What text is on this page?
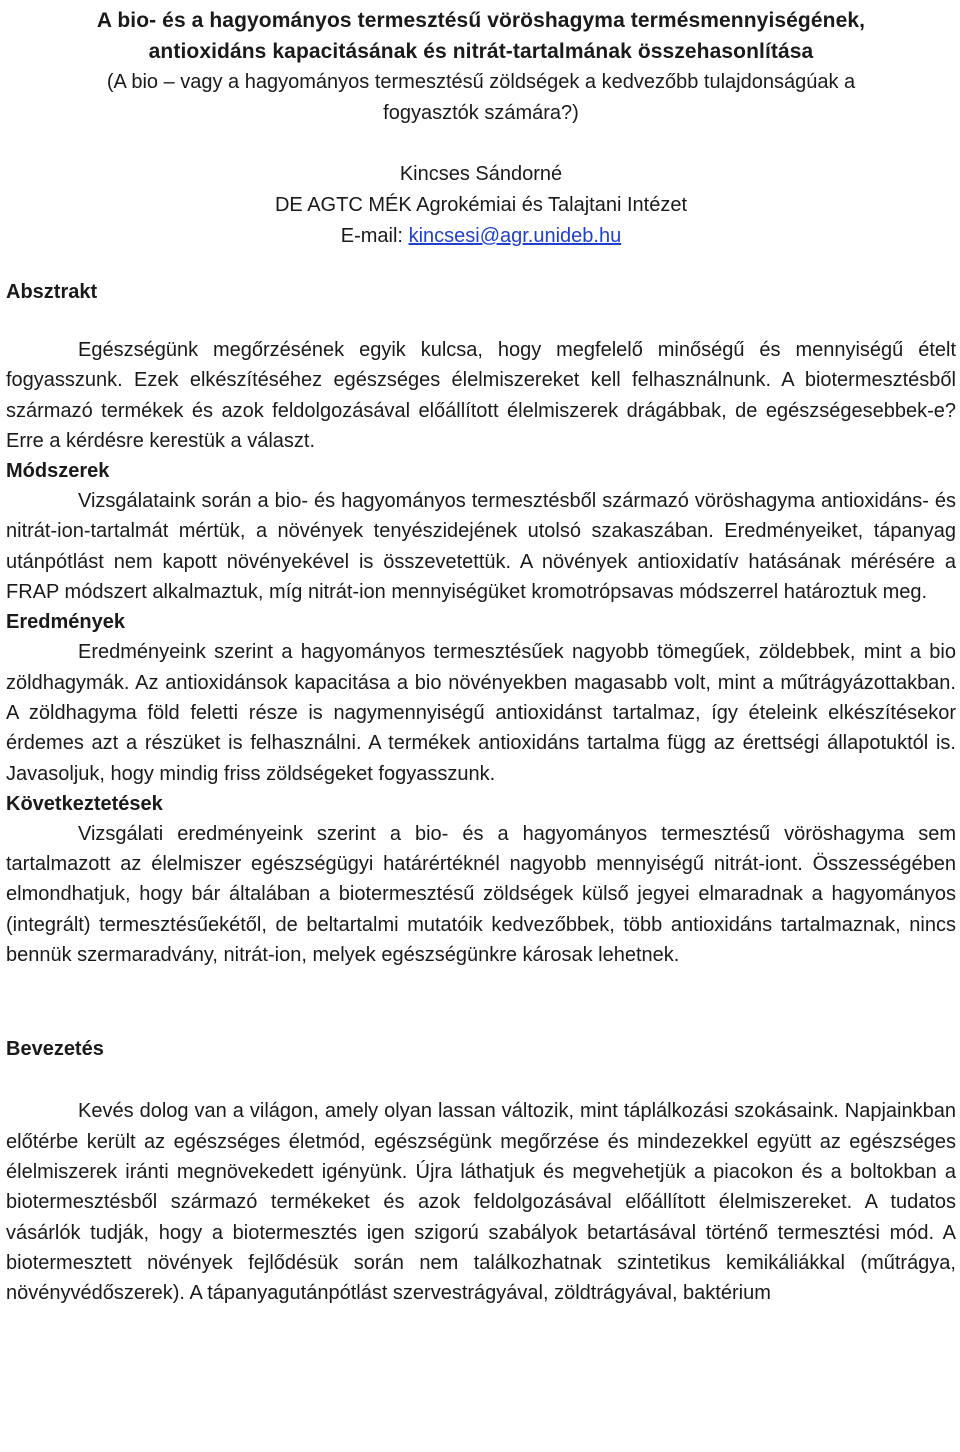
A bio- és a hagyományos termesztésű vöröshagyma termésmennyiségének,
antioxidáns kapacitásának és nitrát-tartalmának összehasonlítása
(A bio – vagy a hagyományos termesztésű zöldségek a kedvezőbb tulajdonságúak a
fogyasztók számára?)
Kincses Sándorné
DE AGTC MÉK Agrokémiai és Talajtani Intézet
E-mail: kincsesi@agr.unideb.hu
Absztrakt

Egészségünk megőrzésének egyik kulcsa, hogy megfelelő minőségű és mennyiségű ételt fogyasszunk. Ezek elkészítéséhez egészséges élelmiszereket kell felhasználnunk. A biotermesztésből származó termékek és azok feldolgozásával előállított élelmiszerek drágábbak, de egészségesebbek-e? Erre a kérdésre kerestük a választ.

Módszerek

Vizsgálataink során a bio- és hagyományos termesztésből származó vöröshagyma antioxidáns- és nitrát-ion-tartalmát mértük, a növények tenyészidejének utolsó szakaszában. Eredményeiket, tápanyag utánpótlást nem kapott növényekével is összevetettük. A növények antioxidatív hatásának mérésére a FRAP módszert alkalmaztuk, míg nitrát-ion mennyiségüket kromotrópsavas módszerrel határoztuk meg.

Eredmények

Eredményeink szerint a hagyományos termesztésűek nagyobb tömegűek, zöldebbek, mint a bio zöldhagymák. Az antioxidánsok kapacitása a bio növényekben magasabb volt, mint a műtrágyázottakban. A zöldhagyma föld feletti része is nagymennyiségű antioxidánst tartalmaz, így ételeink elkészítésekor érdemes azt a részüket is felhasználni. A termékek antioxidáns tartalma függ az érettségi állapotuktól is. Javasoljuk, hogy mindig friss zöldségeket fogyasszunk.

Következtetések

Vizsgálati eredményeink szerint a bio- és a hagyományos termesztésű vöröshagyma sem tartalmazott az élelmiszer egészségügyi határértéknél nagyobb mennyiségű nitrát-iont. Összességében elmondhatjuk, hogy bár általában a biotermesztésű zöldségek külső jegyei elmaradnak a hagyományos (integrált) termesztésűekétől, de beltartalmi mutatóik kedvezőbbek, több antioxidáns tartalmaznak, nincs bennük szermaradvány, nitrát-ion, melyek egészségünkre károsak lehetnek.

Bevezetés

Kevés dolog van a világon, amely olyan lassan változik, mint táplálkozási szokásaink. Napjainkban előtérbe került az egészséges életmód, egészségünk megőrzése és mindezekkel együtt az egészséges élelmiszerek iránti megnövekedett igényünk. Újra láthatjuk és megvehetjük a piacokon és a boltokban a biotermesztésből származó termékeket és azok feldolgozásával előállított élelmiszereket. A tudatos vásárlók tudják, hogy a biotermesztés igen szigorú szabályok betartásával történő termesztési mód. A biotermesztett növények fejlődésük során nem találkozhatnak szintetikus kemikáliákkal (műtrágya, növényvédőszerek). A tápanyagutánpótlást szervestrágyával, zöldtrágyával, baktérium
